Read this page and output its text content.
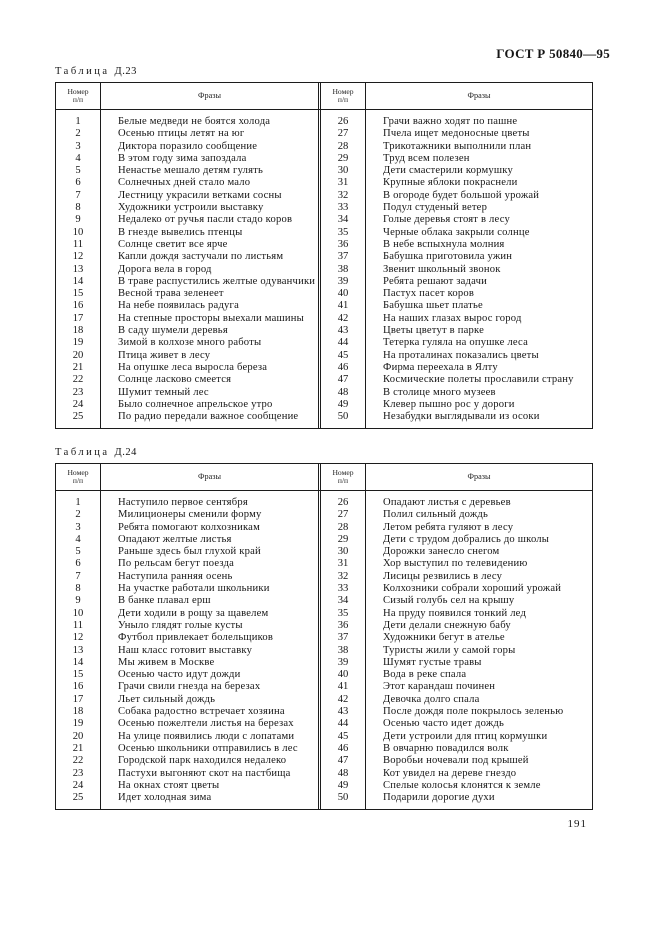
ГОСТ Р 50840—95
Таблица Д.23
Номер
п/п	Фразы	Номер
п/п	Фразы
1	Белые медведи не боятся холода	26	Грачи важно ходят по пашне
2	Осенью птицы летят на юг	27	Пчела ищет медоносные цветы
3	Диктора поразило сообщение	28	Трикотажники выполнили план
4	В этом году зима запоздала	29	Труд всем полезен
5	Ненастье мешало детям гулять	30	Дети смастерили кормушку
6	Солнечных дней стало мало	31	Крупные яблоки покраснели
7	Лестницу украсили ветками сосны	32	В огороде будет большой урожай
8	Художники устроили выставку	33	Подул студеный ветер
9	Недалеко от ручья пасли стадо коров	34	Голые деревья стоят в лесу
10	В гнезде вывелись птенцы	35	Черные облака закрыли солнце
11	Солнце светит все ярче	36	В небе вспыхнула молния
12	Капли дождя застучали по листьям	37	Бабушка приготовила ужин
13	Дорога вела в город	38	Звенит школьный звонок
14	В траве распустились желтые одуванчики	39	Ребята решают задачи
15	Весной трава зеленеет	40	Пастух пасет коров
16	На небе появилась радуга	41	Бабушка шьет платье
17	На степные просторы выехали машины	42	На наших глазах вырос город
18	В саду шумели деревья	43	Цветы цветут в парке
19	Зимой в колхозе много работы	44	Тетерка гуляла на опушке леса
20	Птица живет в лесу	45	На проталинах показались цветы
21	На опушке леса выросла береза	46	Фирма переехала в Ялту
22	Солнце ласково смеется	47	Космические полеты прославили страну
23	Шумит темный лес	48	В столице много музеев
24	Было солнечное апрельское утро	49	Клевер пышно рос у дороги
25	По радио передали важное сообщение	50	Незабудки выглядывали из осоки
Таблица Д.24
Номер
п/п	Фразы	Номер
п/п	Фразы
1	Наступило первое сентября	26	Опадают листья с деревьев
2	Милиционеры сменили форму	27	Полил сильный дождь
3	Ребята помогают колхозникам	28	Летом ребята гуляют в лесу
4	Опадают желтые листья	29	Дети с трудом добрались до школы
5	Раньше здесь был глухой край	30	Дорожки занесло снегом
6	По рельсам бегут поезда	31	Хор выступил по телевидению
7	Наступила ранняя осень	32	Лисицы резвились в лесу
8	На участке работали школьники	33	Колхозники собрали хороший урожай
9	В банке плавал ерш	34	Сизый голубь сел на крышу
10	Дети ходили в рощу за щавелем	35	На пруду появился тонкий лед
11	Уныло глядят голые кусты	36	Дети делали снежную бабу
12	Футбол привлекает болельщиков	37	Художники бегут в ателье
13	Наш класс готовит выставку	38	Туристы жили у самой горы
14	Мы живем в Москве	39	Шумят густые травы
15	Осенью часто идут дожди	40	Вода в реке спала
16	Грачи свили гнезда на березах	41	Этот карандаш починен
17	Льет сильный дождь	42	Девочка долго спала
18	Собака радостно встречает хозяина	43	После дождя поле покрылось зеленью
19	Осенью пожелтели листья на березах	44	Осенью часто идет дождь
20	На улице появились люди с лопатами	45	Дети устроили для птиц кормушки
21	Осенью школьники отправились в лес	46	В овчарню повадился волк
22	Городской парк находился недалеко	47	Воробьи ночевали под крышей
23	Пастухи выгоняют скот на пастбища	48	Кот увидел на дереве гнездо
24	На окнах стоят цветы	49	Спелые колосья клонятся к земле
25	Идет холодная зима	50	Подарили дорогие духи
191
